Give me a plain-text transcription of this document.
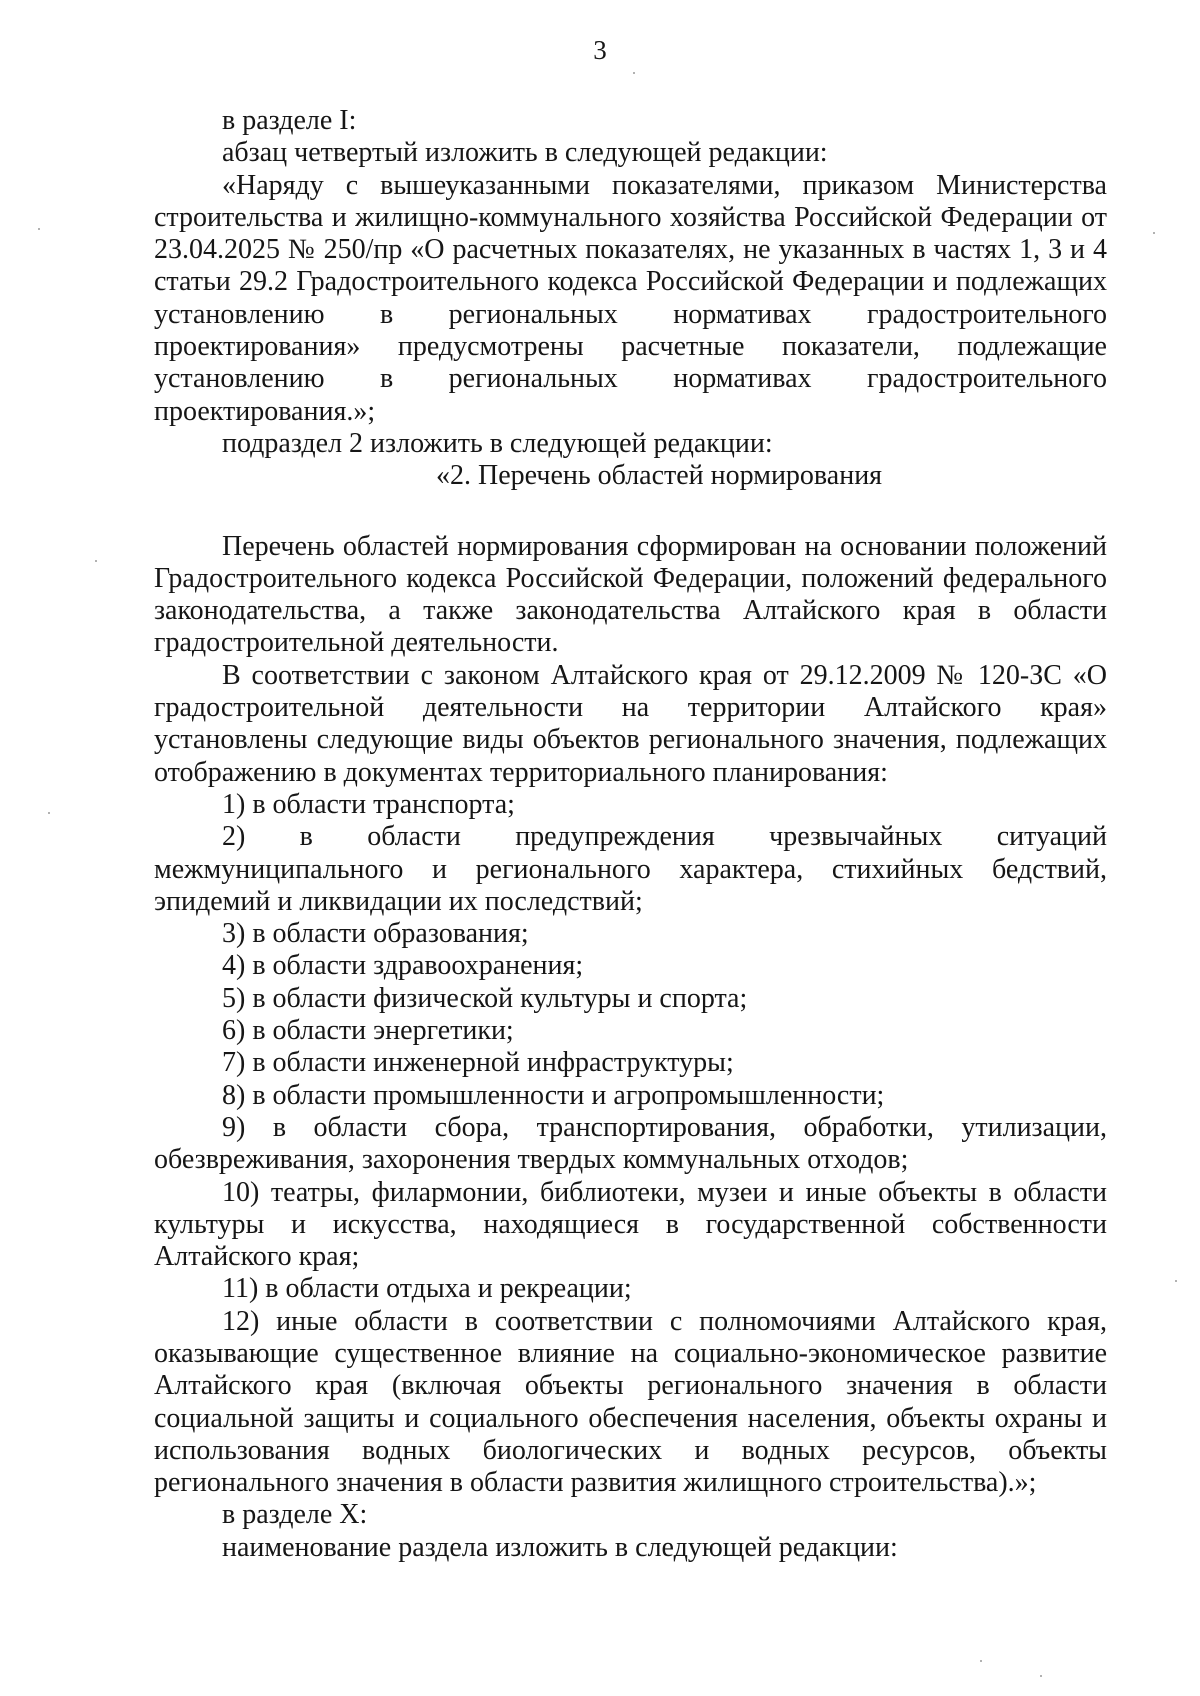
3

в разделе I:

абзац четвертый изложить в следующей редакции:

«Наряду с вышеуказанными показателями, приказом Министерства строительства и жилищно-коммунального хозяйства Российской Федерации от 23.04.2025 № 250/пр «О расчетных показателях, не указанных в частях 1, 3 и 4 статьи 29.2 Градостроительного кодекса Российской Федерации и подлежащих установлению в региональных нормативах градостроительного проектирования» предусмотрены расчетные показатели, подлежащие установлению в региональных нормативах градостроительного проектирования.»;

подраздел 2 изложить в следующей редакции:

«2. Перечень областей нормирования

Перечень областей нормирования сформирован на основании положений Градостроительного кодекса Российской Федерации, положений федерального законодательства, а также законодательства Алтайского края в области градостроительной деятельности.

В соответствии с законом Алтайского края от 29.12.2009 № 120-ЗС «О градостроительной деятельности на территории Алтайского края» установлены следующие виды объектов регионального значения, подлежащих отображению в документах территориального планирования:

1) в области транспорта;

2) в области предупреждения чрезвычайных ситуаций межмуниципального и регионального характера, стихийных бедствий, эпидемий и ликвидации их последствий;

3) в области образования;

4) в области здравоохранения;

5) в области физической культуры и спорта;

6) в области энергетики;

7) в области инженерной инфраструктуры;

8) в области промышленности и агропромышленности;

9) в области сбора, транспортирования, обработки, утилизации, обезвреживания, захоронения твердых коммунальных отходов;

10) театры, филармонии, библиотеки, музеи и иные объекты в области культуры и искусства, находящиеся в государственной собственности Алтайского края;

11) в области отдыха и рекреации;

12) иные области в соответствии с полномочиями Алтайского края, оказывающие существенное влияние на социально-экономическое развитие Алтайского края (включая объекты регионального значения в области социальной защиты и социального обеспечения населения, объекты охраны и использования водных биологических и водных ресурсов, объекты регионального значения в области развития жилищного строительства).»;

в разделе X:

наименование раздела изложить в следующей редакции:
